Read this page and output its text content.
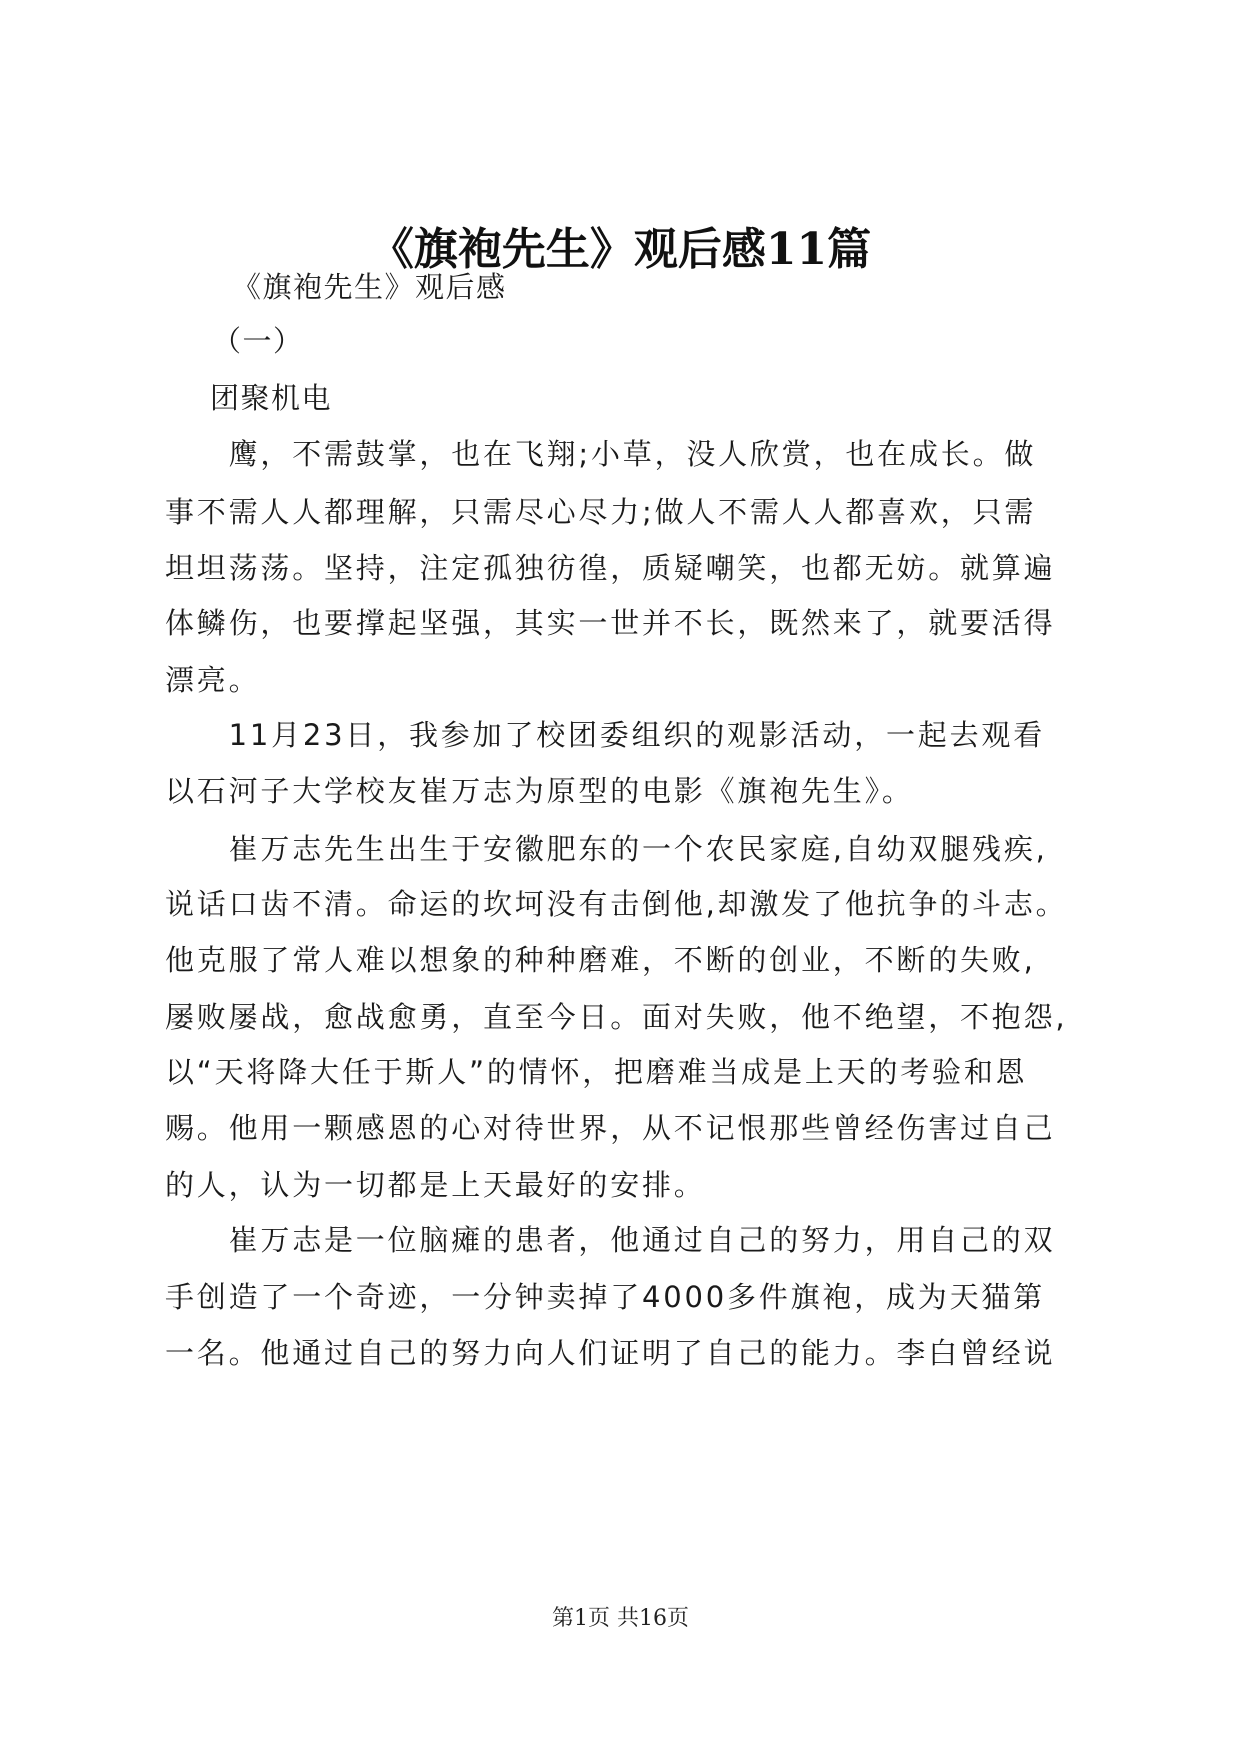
《旗袍先生》观后感11篇
《旗袍先生》观后感
（一）
团聚机电
　　鹰，不需鼓掌，也在飞翔;小草，没人欣赏，也在成长。做
事不需人人都理解，只需尽心尽力;做人不需人人都喜欢，只需
坦坦荡荡。坚持，注定孤独彷徨，质疑嘲笑，也都无妨。就算遍
体鳞伤，也要撑起坚强，其实一世并不长，既然来了，就要活得
漂亮。
　　11月23日，我参加了校团委组织的观影活动，一起去观看
以石河子大学校友崔万志为原型的电影《旗袍先生》。
　　崔万志先生出生于安徽肥东的一个农民家庭,自幼双腿残疾,
说话口齿不清。命运的坎坷没有击倒他,却激发了他抗争的斗志。
他克服了常人难以想象的种种磨难，不断的创业，不断的失败,
屡败屡战，愈战愈勇，直至今日。面对失败，他不绝望，不抱怨,
以“天将降大任于斯人”的情怀，把磨难当成是上天的考验和恩
赐。他用一颗感恩的心对待世界，从不记恨那些曾经伤害过自己
的人，认为一切都是上天最好的安排。
　　崔万志是一位脑瘫的患者，他通过自己的努力，用自己的双
手创造了一个奇迹，一分钟卖掉了4000多件旗袍，成为天猫第
一名。他通过自己的努力向人们证明了自己的能力。李白曾经说
第1页 共16页
